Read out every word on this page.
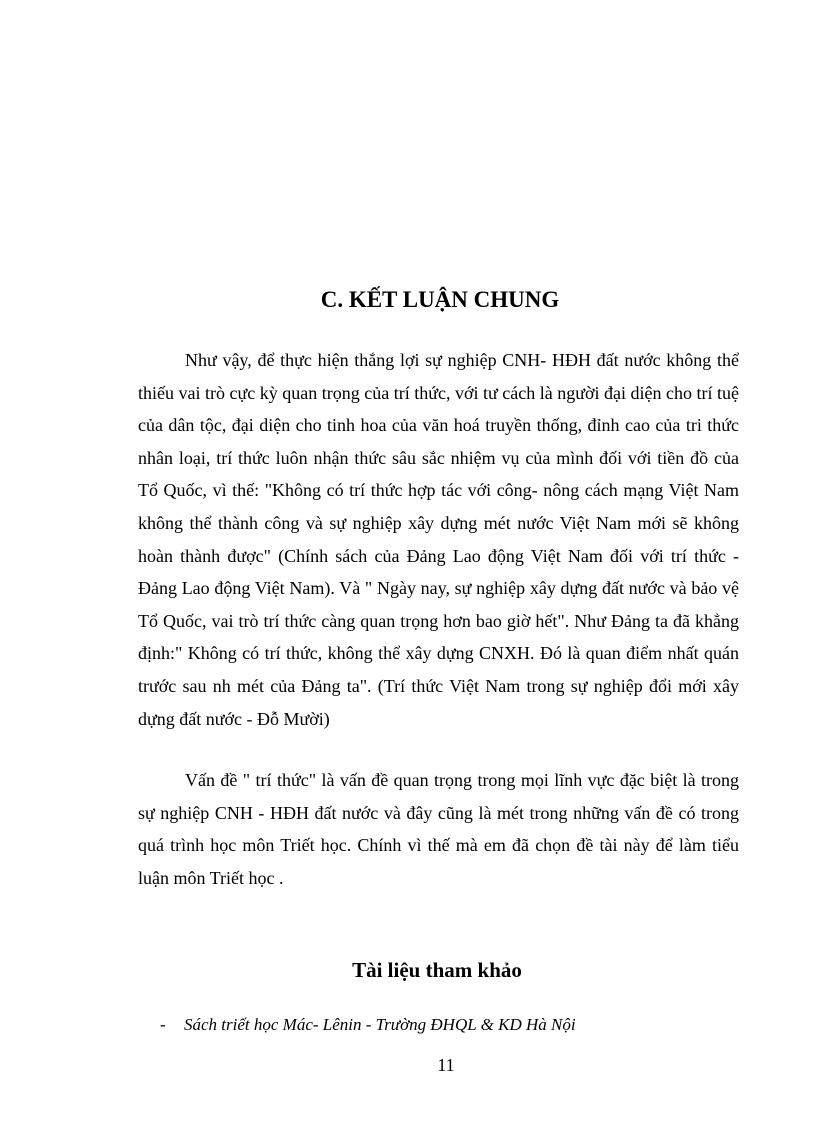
C. KẾT LUẬN CHUNG

Như vậy, để thực hiện thắng lợi sự nghiệp CNH- HĐH đất nước không thể thiếu vai trò cực kỳ quan trọng của trí thức, với tư cách là người đại diện cho trí tuệ của dân tộc, đại diện cho tinh hoa của văn hoá truyền thống, đỉnh cao của tri thức nhân loại, trí thức luôn nhận thức sâu sắc nhiệm vụ của mình đối với tiền đồ của Tổ Quốc, vì thế: "Không có trí thức hợp tác với công- nông cách mạng Việt Nam không thể thành công và sự nghiệp xây dựng mét nước Việt Nam mới sẽ không hoàn thành được" (Chính sách của Đảng Lao động Việt Nam đối với trí thức - Đảng Lao động Việt Nam). Và " Ngày nay, sự nghiệp xây dựng đất nước và bảo vệ Tổ Quốc, vai trò trí thức càng quan trọng hơn bao giờ hết". Như Đảng ta đã khẳng định:" Không có trí thức, không thể xây dựng CNXH. Đó là quan điểm nhất quán trước sau nh mét của Đảng ta". (Trí thức Việt Nam trong sự nghiệp đổi mới xây dựng đất nước - Đỗ Mười)

Vấn đề " trí thức" là vấn đề quan trọng trong mọi lĩnh vực đặc biệt là trong sự nghiệp CNH - HĐH đất nước và đây cũng là mét trong những vấn đề có trong quá trình học môn Triết học. Chính vì thế mà em đã chọn đề tài này để làm tiểu luận môn Triết học .

Tài liệu tham khảo
- Sách triết học Mác- Lênin - Trường ĐHQL & KD Hà Nội
11
